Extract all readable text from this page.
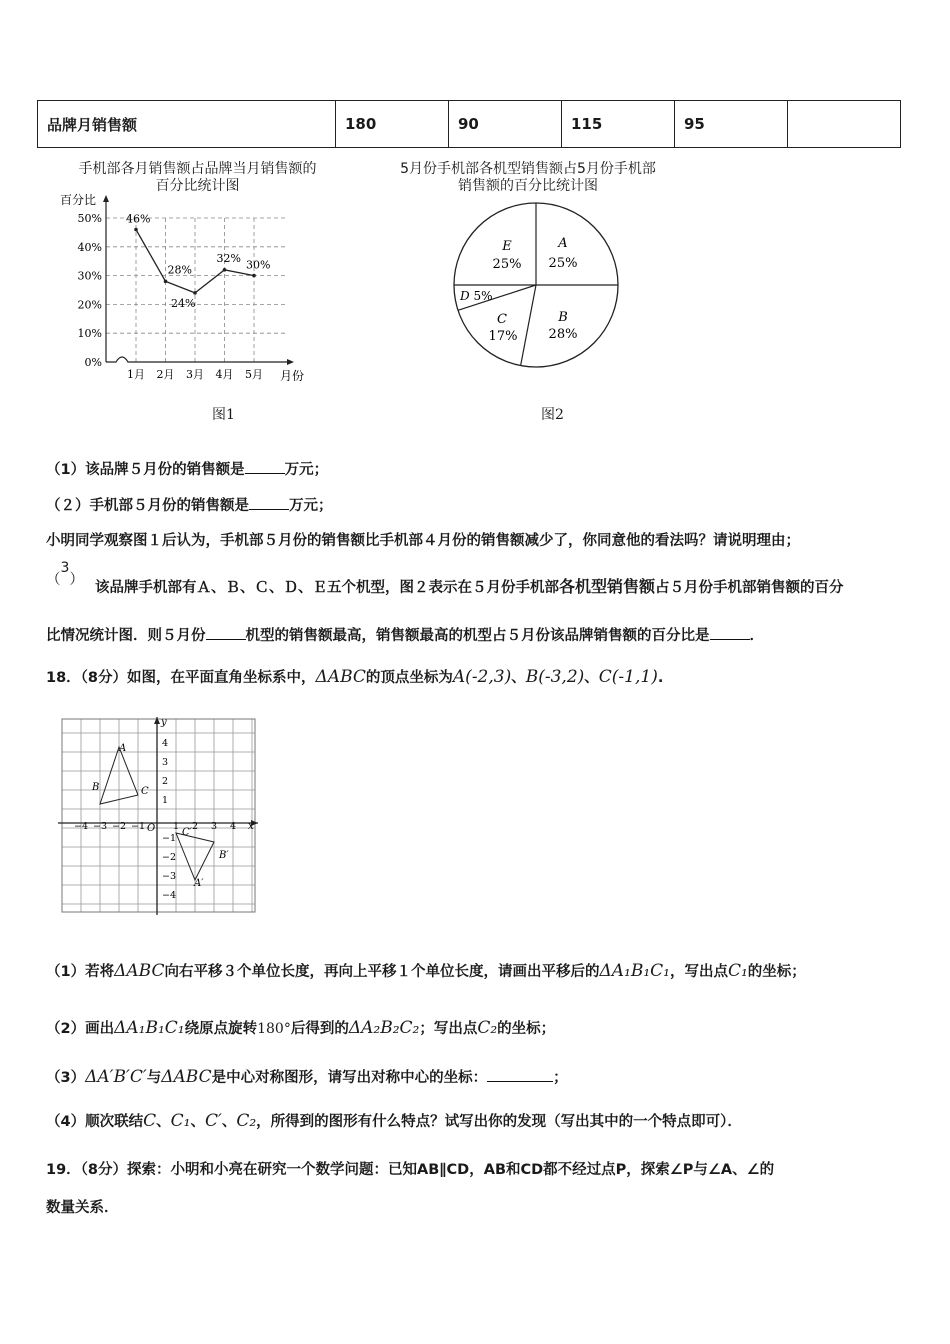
品牌月销售额	180	90	115	95	
手机部各月销售额占品牌当月销售额的
百分比统计图
0%
10%
20%
30%
40%
50%
1月 2月 3月 4月 5月
百分比
月份
46%
28%
24%
32%
30%
图1
5月份手机部各机型销售额占5月份手机部
销售额的百分比统计图
A
25%
B
28%
C
17%
D 5%
E
25%
图2
（1）该品牌５月份的销售额是	万元；
（２）手机部５月份的销售额是	万元；
小明同学观察图１后认为，手机部５月份的销售额比手机部４月份的销售额减少了，你同意他的看法吗？请说明理由；
（$^3$）
该品牌手机部有Ａ、Ｂ、Ｃ、Ｄ、Ｅ五个机型，图２表示在５月份手机部各机型销售额占５月份手机部销售额的百分
比情况统计图．则５月份	机型的销售额最高，销售额最高的机型占５月份该品牌销售额的百分比是	．
18．（8分）如图，在平面直角坐标系中，ΔABC的顶点坐标为A(-2,3)、B(-3,2)、C(-1,1).
x
y
O
−4 −3 −2 −1	1 2 3 4
4
3
2
1
−1
−2
−3
−4
A
B	C
C′
B′
A′
（1）若将ΔABC向右平移３个单位长度，再向上平移１个单位长度，请画出平移后的ΔA₁B₁C₁，写出点C₁的坐标；
（2）画出ΔA₁B₁C₁绕原点旋转180°后得到的ΔA₂B₂C₂；写出点C₂的坐标；
（3）ΔA′B′C′与ΔABC是中心对称图形，请写出对称中心的坐标：	；
（4）顺次联结C、C₁、C′、C₂，所得到的图形有什么特点？试写出你的发现（写出其中的一个特点即可）．
19．（8分）探索：小明和小亮在研究一个数学问题：已知AB∥CD，AB和CD都不经过点P，探索∠P与∠A、∠的
数量关系．
